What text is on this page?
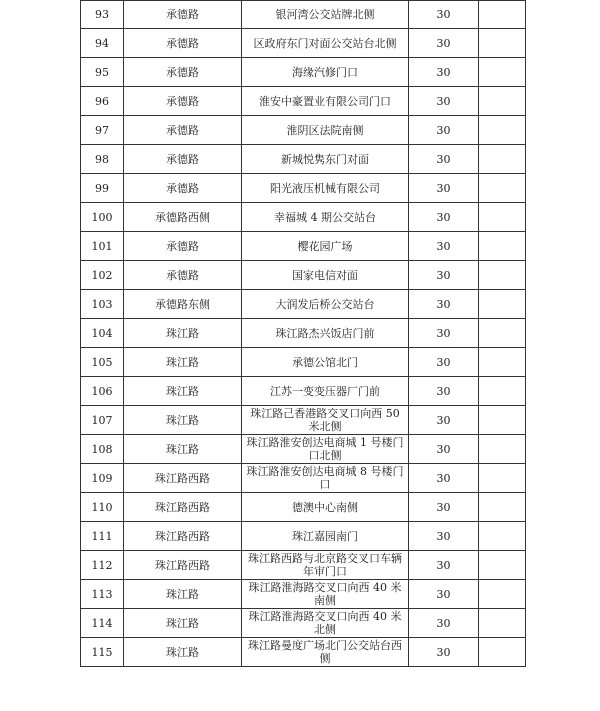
93	承德路	银河湾公交站牌北侧	30	
94	承德路	区政府东门对面公交站台北侧	30	
95	承德路	海缘汽修门口	30	
96	承德路	淮安中豪置业有限公司门口	30	
97	承德路	淮阴区法院南侧	30	
98	承德路	新城悦隽东门对面	30	
99	承德路	阳光液压机械有限公司	30	
100	承德路西侧	幸福城 4 期公交站台	30	
101	承德路	樱花园广场	30	
102	承德路	国家电信对面	30	
103	承德路东侧	大润发后桥公交站台	30	
104	珠江路	珠江路杰兴饭店门前	30	
105	珠江路	承德公馆北门	30	
106	珠江路	江苏一变变压器厂门前	30	
107	珠江路	珠江路己香港路交叉口向西 50 米北侧	30	
108	珠江路	珠江路淮安创达电商城 1 号楼门口北侧	30	
109	珠江路西路	珠江路淮安创达电商城 8 号楼门口	30	
110	珠江路西路	德澳中心南侧	30	
111	珠江路西路	珠江嘉园南门	30	
112	珠江路西路	珠江路西路与北京路交叉口车辆年审门口	30	
113	珠江路	珠江路淮海路交叉口向西 40 米南侧	30	
114	珠江路	珠江路淮海路交叉口向西 40 米北侧	30	
115	珠江路	珠江路曼度广场北门公交站台西侧	30	
